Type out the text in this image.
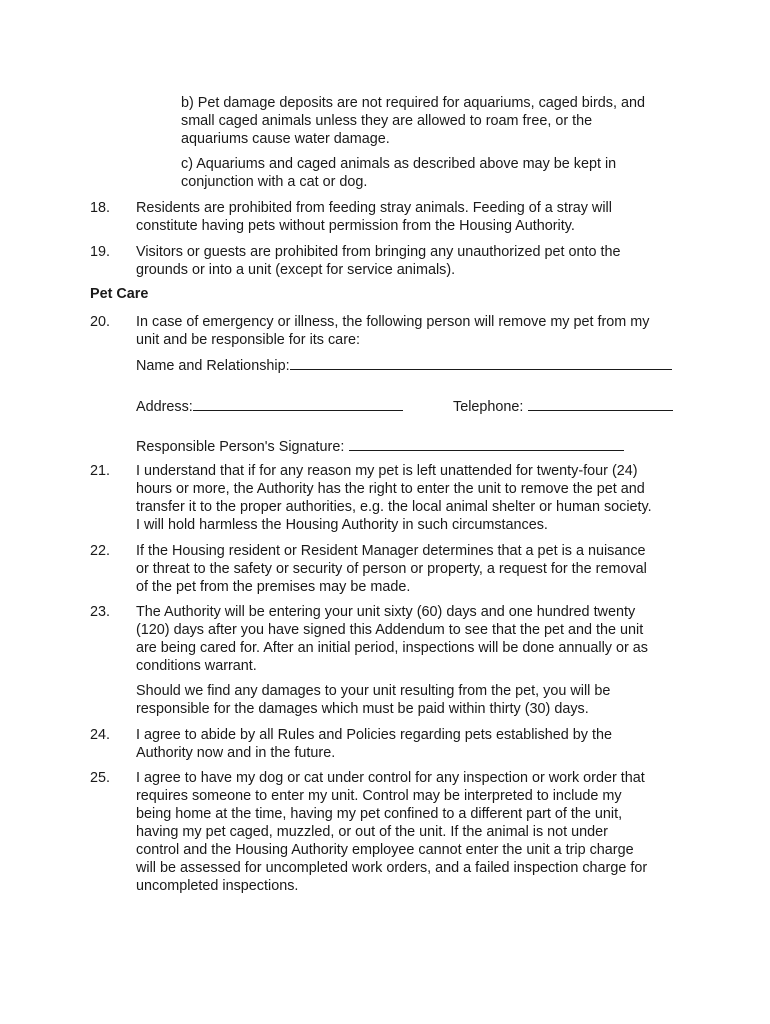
b) Pet damage deposits are not required for aquariums, caged birds, and
small caged animals unless they are allowed to roam free, or the
aquariums cause water damage.
c) Aquariums and caged animals as described above may be kept in
conjunction with a cat or dog.
18. Residents are prohibited from feeding stray animals. Feeding of a stray will
constitute having pets without permission from the Housing Authority.
19. Visitors or guests are prohibited from bringing any unauthorized pet onto the
grounds or into a unit (except for service animals).
Pet Care
20. In case of emergency or illness, the following person will remove my pet from my
unit and be responsible for its care:
Name and Relationship:
Address:	Telephone:
Responsible Person's Signature:
21. I understand that if for any reason my pet is left unattended for twenty-four (24)
hours or more, the Authority has the right to enter the unit to remove the pet and
transfer it to the proper authorities, e.g. the local animal shelter or human society.
I will hold harmless the Housing Authority in such circumstances.
22. If the Housing resident or Resident Manager determines that a pet is a nuisance
or threat to the safety or security of person or property, a request for the removal
of the pet from the premises may be made.
23. The Authority will be entering your unit sixty (60) days and one hundred twenty
(120) days after you have signed this Addendum to see that the pet and the unit
are being cared for. After an initial period, inspections will be done annually or as
conditions warrant.
Should we find any damages to your unit resulting from the pet, you will be
responsible for the damages which must be paid within thirty (30) days.
24. I agree to abide by all Rules and Policies regarding pets established by the
Authority now and in the future.
25. I agree to have my dog or cat under control for any inspection or work order that
requires someone to enter my unit. Control may be interpreted to include my
being home at the time, having my pet confined to a different part of the unit,
having my pet caged, muzzled, or out of the unit. If the animal is not under
control and the Housing Authority employee cannot enter the unit a trip charge
will be assessed for uncompleted work orders, and a failed inspection charge for
uncompleted inspections.
